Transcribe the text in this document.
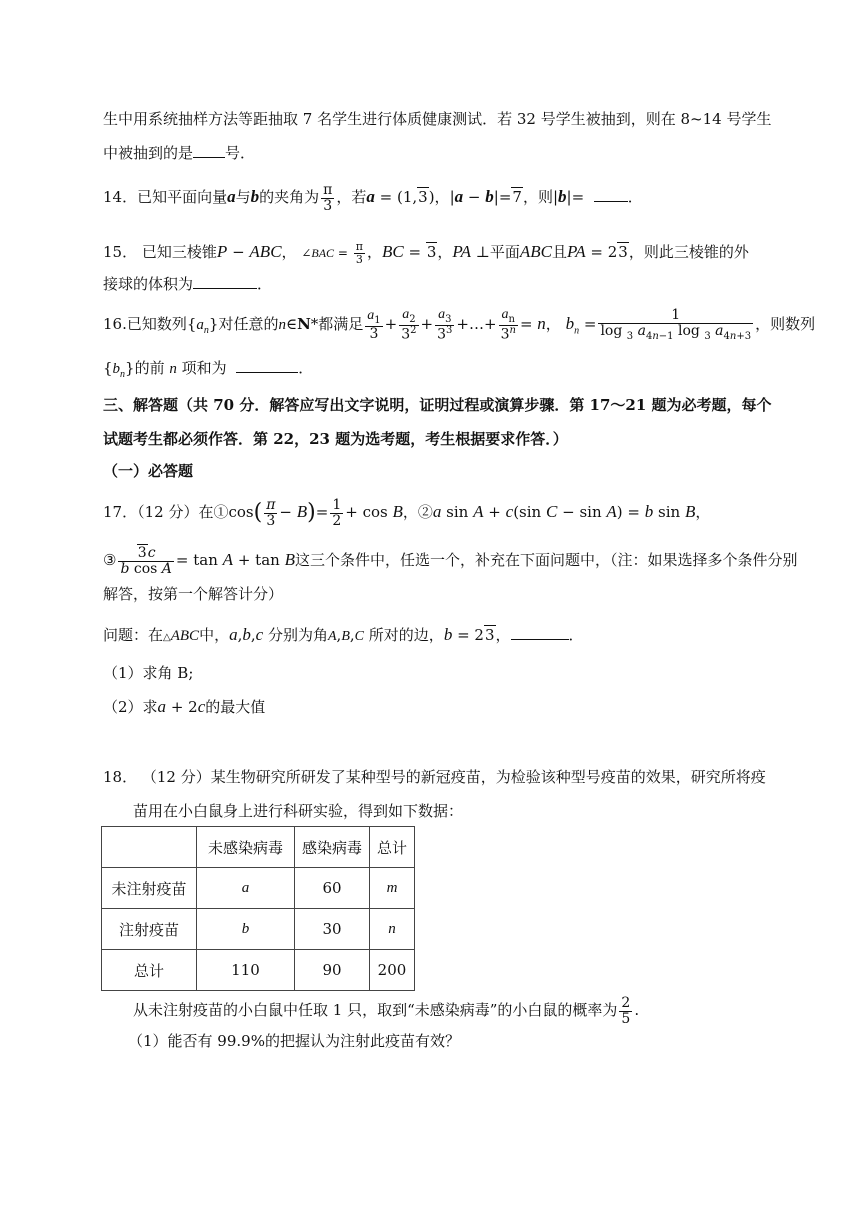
生中用系统抽样方法等距抽取 7 名学生进行体质健康测试．若 32 号学生被抽到，则在 8~14 号学生
中被抽到的是 号．
14．已知平面向量a与b的夹角为 $\frac{\pi}{3}$ ，若a = (1,3)，|a − b|=7，则|b|=	．
15． 已知三棱锥P − ABC， ∠BAC = $\frac{\pi}{3}$ ，BC = 3，PA ⊥平面ABC且PA = 23，则此三棱锥的外
接球的体积为	．
16.已知数列$\{a_n\}$对任意的n∈N*都满足 $\frac{a_1}{3} + \frac{a_2}{3^2} + \frac{a_3}{3^3}$ +…+ $\frac{a_n}{3^n} = n$， $b_n = \frac{1}{\log _3 a_{4n-1} \log _3 a_{4n+3}}$ ，则数列
$\{b_n\}$的前 n 项和为	．
三、解答题（共 70 分．解答应写出文字说明，证明过程或演算步骤．第 17～21 题为必考题，每个
试题考生都必须作答．第 22，23 题为选考题，考生根据要求作答．）
（一）必答题
17．（12 分）在①cos( $\frac{\pi}{3} - B)= \frac{1}{2} + \cos B$，②a sin A + c(sin C − sin A) = b sin B，
③ $\frac{3c}{\text{b cos A}} = \tan A + \tan B$这三个条件中，任选一个，补充在下面问题中，（注：如果选择多个条件分别
解答，按第一个解答计分）
问题：在△ABC中，a,b,c 分别为角A,B,C 所对的边，b = 23，	．
（1）求角 B;
（2）求a + 2c的最大值
18． （12 分）某生物研究所研发了某种型号的新冠疫苗，为检验该种型号疫苗的效果，研究所将疫
苗用在小白鼠身上进行科研实验，得到如下数据：
	未感染病毒	感染病毒	总计
未注射疫苗	a	60	m
注射疫苗	b	30	n
总计	110	90	200
从未注射疫苗的小白鼠中任取 1 只，取到“未感染病毒”的小白鼠的概率为 $\frac{2}{5}$ .
（1）能否有 99.9%的把握认为注射此疫苗有效？
